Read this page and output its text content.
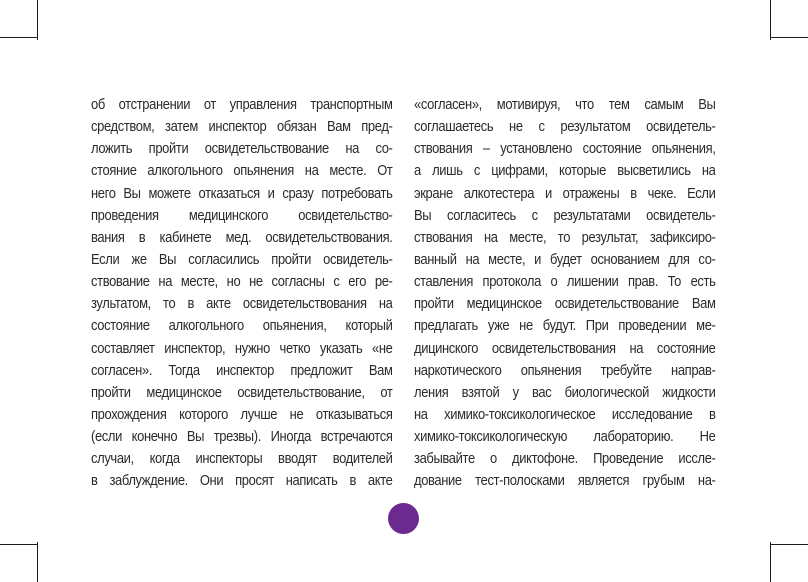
об отстранении от управления транспортным
средством, затем инспектор обязан Вам пред-
ложить пройти освидетельствование на со-
стояние алкогольного опьянения на месте. От
него Вы можете отказаться и сразу потребовать
проведения медицинского освидетельство-
вания в кабинете мед. освидетельствования.
Если же Вы согласились пройти освидетель-
ствование на месте, но не согласны с его ре-
зультатом, то в акте освидетельствования на
состояние алкогольного опьянения, который
составляет инспектор, нужно четко указать «не
согласен». Тогда инспектор предложит Вам
пройти медицинское освидетельствование, от
прохождения которого лучше не отказываться
(если конечно Вы трезвы). Иногда встречаются
случаи, когда инспекторы вводят водителей
в заблуждение. Они просят написать в акте
«согласен», мотивируя, что тем самым Вы
соглашаетесь не с результатом освидетель-
ствования – установлено состояние опьянения,
а лишь с цифрами, которые высветились на
экране алкотестера и отражены в чеке. Если
Вы согласитесь с результатами освидетель-
ствования на месте, то результат, зафиксиро-
ванный на месте, и будет основанием для со-
ставления протокола о лишении прав. То есть
пройти медицинское освидетельствование Вам
предлагать уже не будут. При проведении ме-
дицинского освидетельствования на состояние
наркотического опьянения требуйте направ-
ления взятой у вас биологической жидкости
на химико-токсикологическое исследование в
химико-токсикологическую лабораторию. Не
забывайте о диктофоне. Проведение иссле-
дование тест-полосками является грубым на-
